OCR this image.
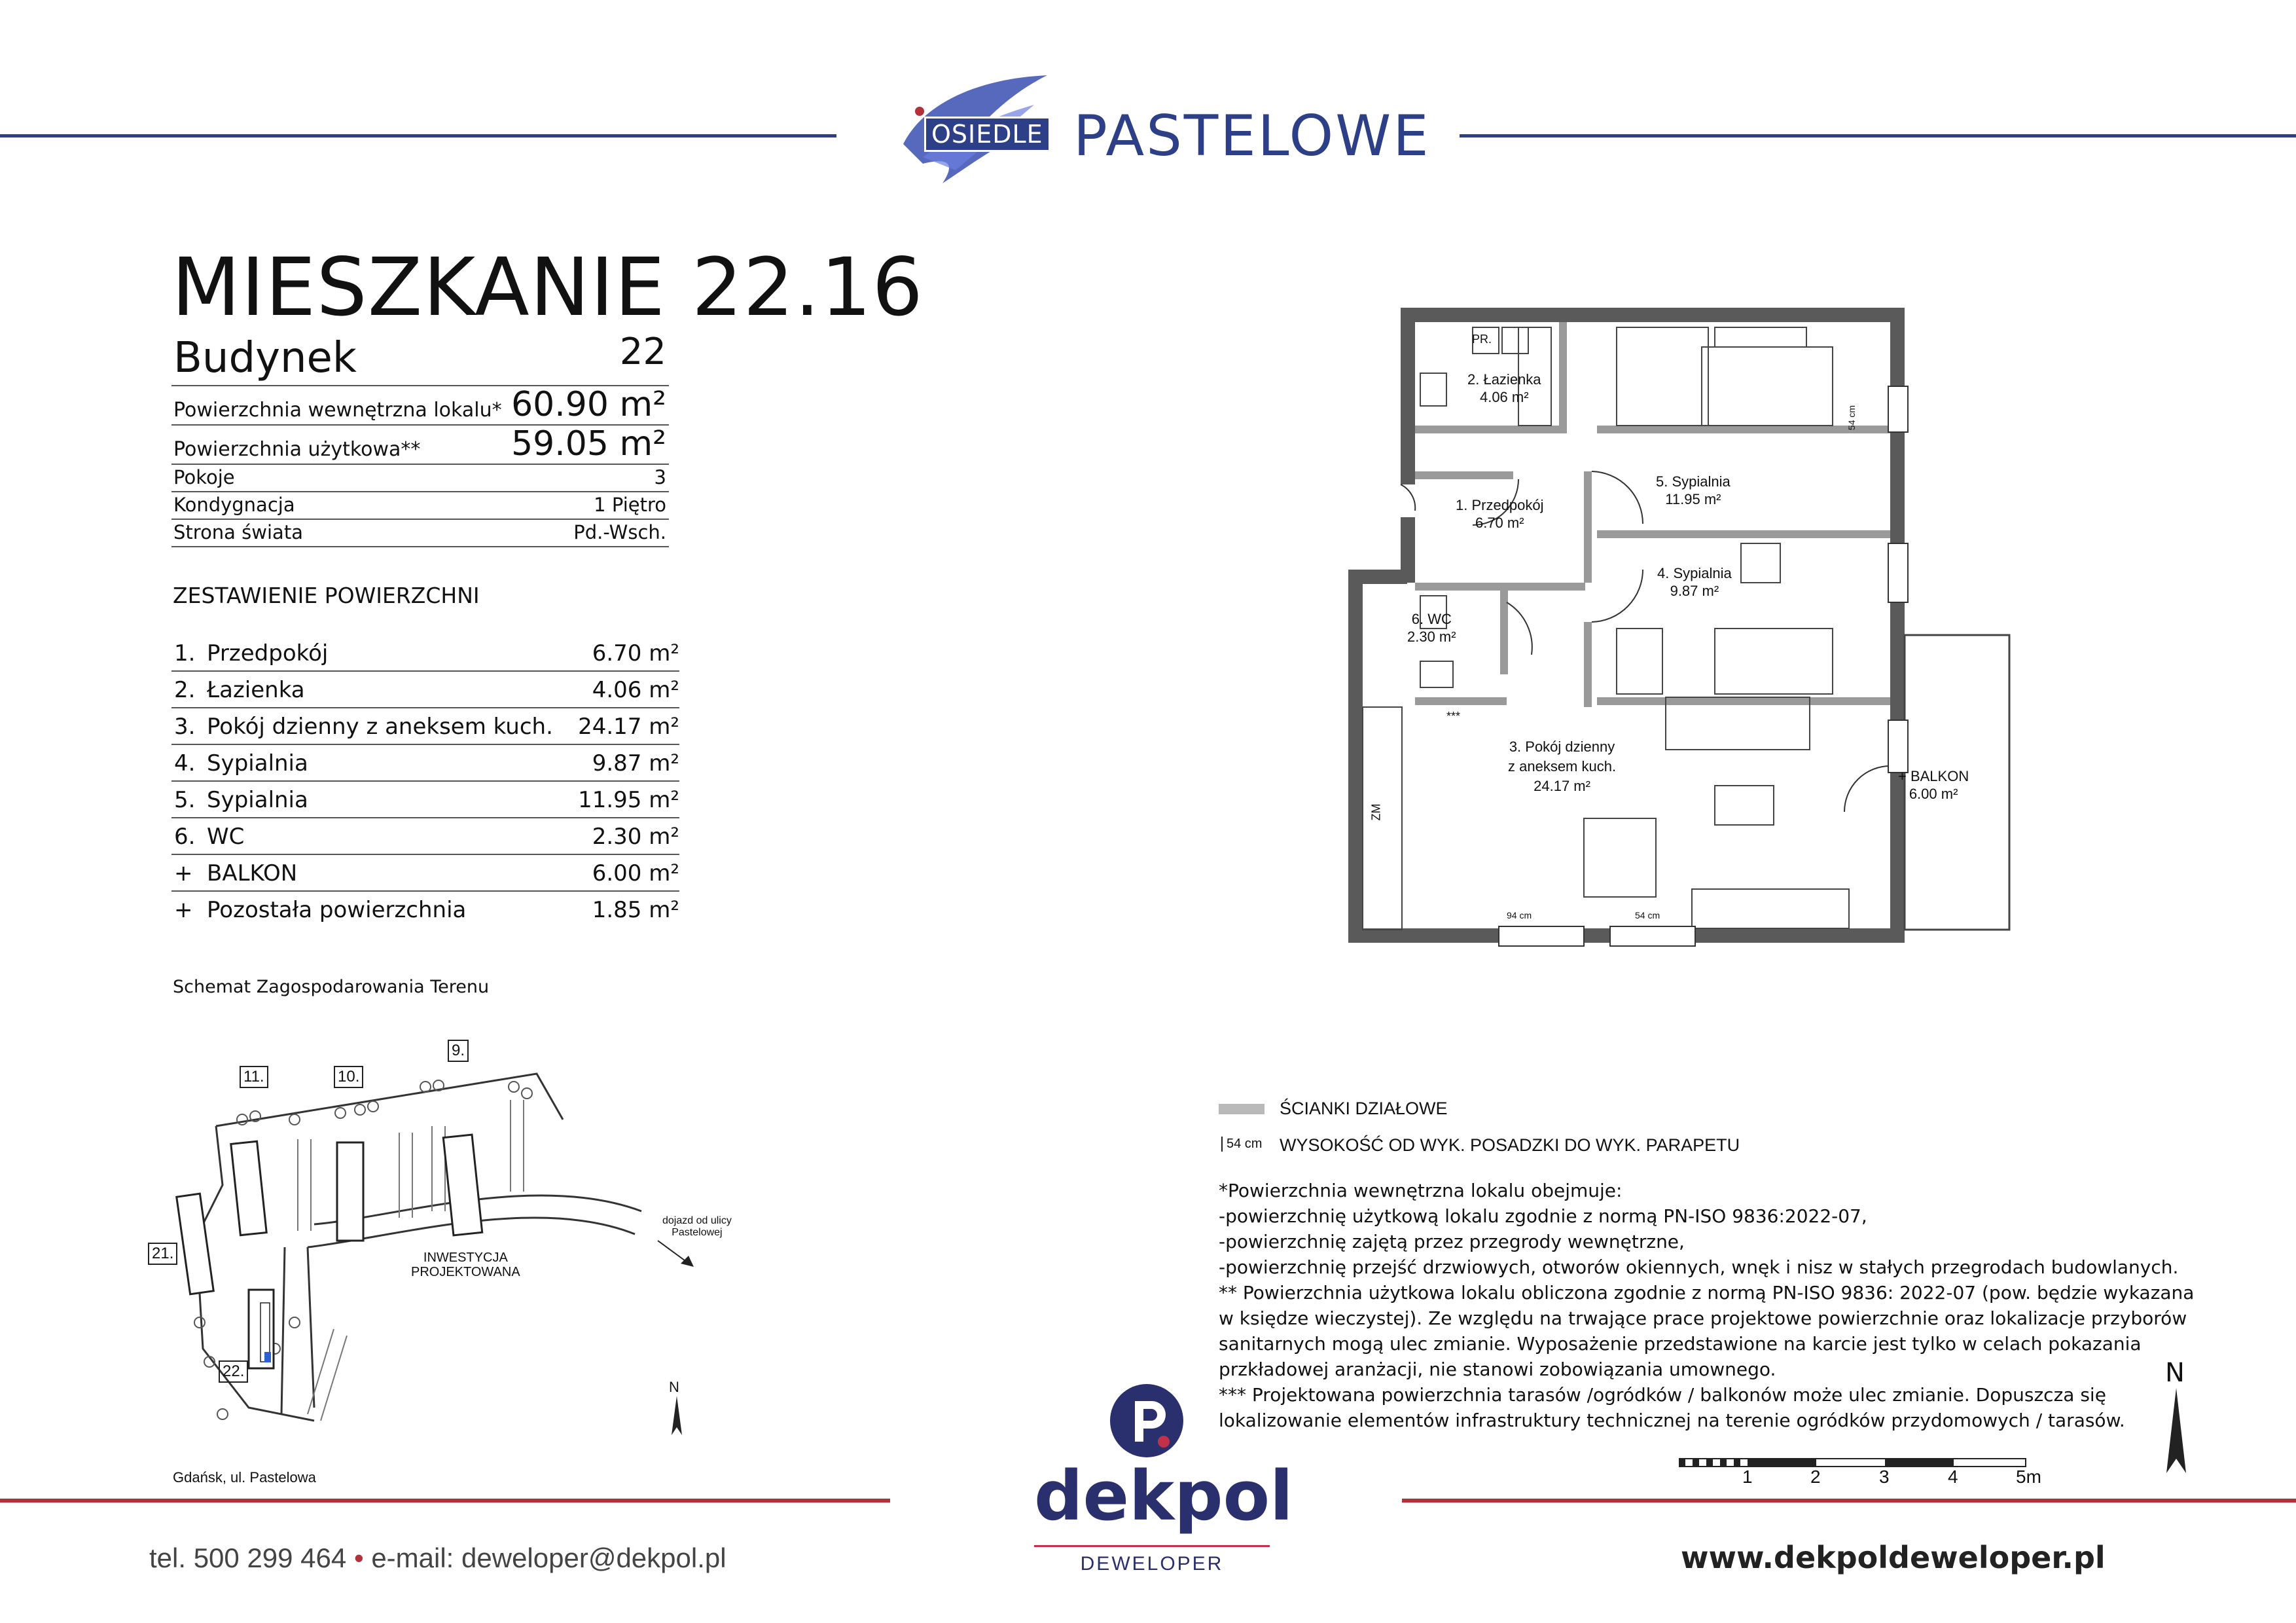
OSIEDLE PASTELOWE
MIESZKANIE 22.16
Budynek	22
Powierzchnia wewnętrzna lokalu* 60.90 m²
Powierzchnia użytkowa**	59.05 m²
Pokoje	3
Kondygnacja	1 Piętro
Strona świata	Pd.-Wsch.
ZESTAWIENIE POWIERZCHNI
1. Przedpokój	6.70 m²
2. Łazienka	4.06 m²
3. Pokój dzienny z aneksem kuch. 24.17 m²
4. Sypialnia	9.87 m²
5. Sypialnia	11.95 m²
6. WC	2.30 m²
+ BALKON	6.00 m²
+ Pozostała powierzchnia	1.85 m²
Schemat Zagospodarowania Terenu
11.	10.
9.
21.
22.
INWESTYCJA
PROJEKTOWANA
dojazd od ulicy
Pastelowej
N
Gdańsk, ul. Pastelowa
1. Przedpokój
6.70 m²
2. Łazienka
4.06 m²
3. Pokój dzienny
z aneksem kuch.
24.17 m²
4. Sypialnia
9.87 m²
5. Sypialnia
11.95 m²
6. WC
2.30 m²
+ BALKON
6.00 m²
PR.
ZM
***
94 cm	54 cm
54 cm
ŚCIANKI DZIAŁOWE
54 cm WYSOKOŚĆ OD WYK. POSADZKI DO WYK. PARAPETU
*Powierzchnia wewnętrzna lokalu obejmuje:
-powierzchnię użytkową lokalu zgodnie z normą PN-ISO 9836:2022-07,
-powierzchnię zajętą przez przegrody wewnętrzne,
-powierzchnię przejść drzwiowych, otworów okiennych, wnęk i nisz w stałych przegrodach budowlanych.
** Powierzchnia użytkowa lokalu obliczona zgodnie z normą PN-ISO 9836: 2022-07 (pow. będzie wykazana
w księdze wieczystej). Ze względu na trwające prace projektowe powierzchnie oraz lokalizacje przyborów
sanitarnych mogą ulec zmianie. Wyposażenie przedstawione na karcie jest tylko w celach pokazania
przkładowej aranżacji, nie stanowi zobowiązania umownego.
*** Projektowana powierzchnia tarasów /ogródków / balkonów może ulec zmianie. Dopuszcza się
lokalizowanie elementów infrastruktury technicznej na terenie ogródków przydomowych / tarasów.
N
1	2	3	4	5m
tel. 500 299 464 • e-mail: deweloper@dekpol.pl
dekpol
DEWELOPER	www.dekpoldeweloper.pl
